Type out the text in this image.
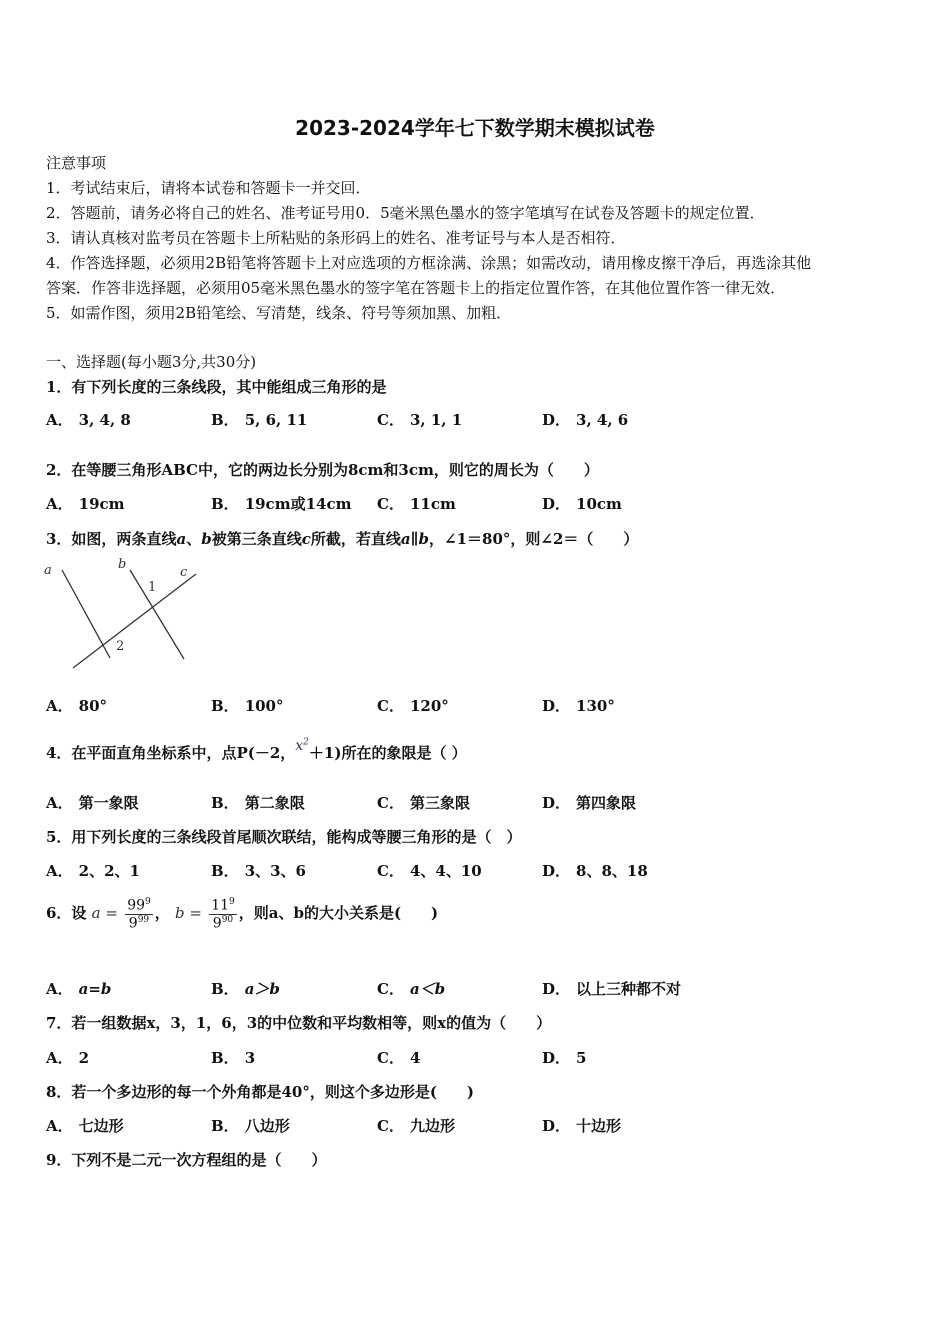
2023-2024学年七下数学期末模拟试卷
注意事项
1．考试结束后，请将本试卷和答题卡一并交回．
2．答题前，请务必将自己的姓名、准考证号用0．5毫米黑色墨水的签字笔填写在试卷及答题卡的规定位置．
3．请认真核对监考员在答题卡上所粘贴的条形码上的姓名、准考证号与本人是否相符．
4．作答选择题，必须用2B铅笔将答题卡上对应选项的方框涂满、涂黑；如需改动，请用橡皮擦干净后，再选涂其他
答案．作答非选择题，必须用05毫米黑色墨水的签字笔在答题卡上的指定位置作答，在其他位置作答一律无效．
5．如需作图，须用2B铅笔绘、写清楚，线条、符号等须加黑、加粗．
一、选择题(每小题3分,共30分)
1．有下列长度的三条线段，其中能组成三角形的是
A． 3, 4, 8	B． 5, 6, 11	C． 3, 1, 1	D． 3, 4, 6
2．在等腰三角形ABC中，它的两边长分别为8cm和3cm，则它的周长为（　　）
A． 19cm	B． 19cm或14cm C． 11cm	D． 10cm
3．如图，两条直线a、b被第三条直线c所截，若直线a∥b，∠1＝80°，则∠2＝（　　）
a	b
c
1
2
A． 80°	B． 100°	C． 120°	D． 130°
4．在平面直角坐标系中，点P(－2，$x^2+1$)所在的象限是（ ）
A． 第一象限	B． 第二象限	C． 第三象限	D． 第四象限
5．用下列长度的三条线段首尾顺次联结，能构成等腰三角形的是（　）
A． 2、2、1	B． 3、3、6	C． 4、4、10	D． 8、8、18
6．设 $a = \frac{99^9}{9^{99}}$ ， $b = \frac{11^9}{9^{90}}$ ，则a、b的大小关系是(　　)
A． a=b	B． a＞b	C． a＜b	D． 以上三种都不对
7．若一组数据x，3，1，6，3的中位数和平均数相等，则x的值为（　　）
A． 2	B． 3	C． 4	D． 5
8．若一个多边形的每一个外角都是40°，则这个多边形是(　　)
A． 七边形	B． 八边形	C． 九边形	D． 十边形
9．下列不是二元一次方程组的是（　　）
